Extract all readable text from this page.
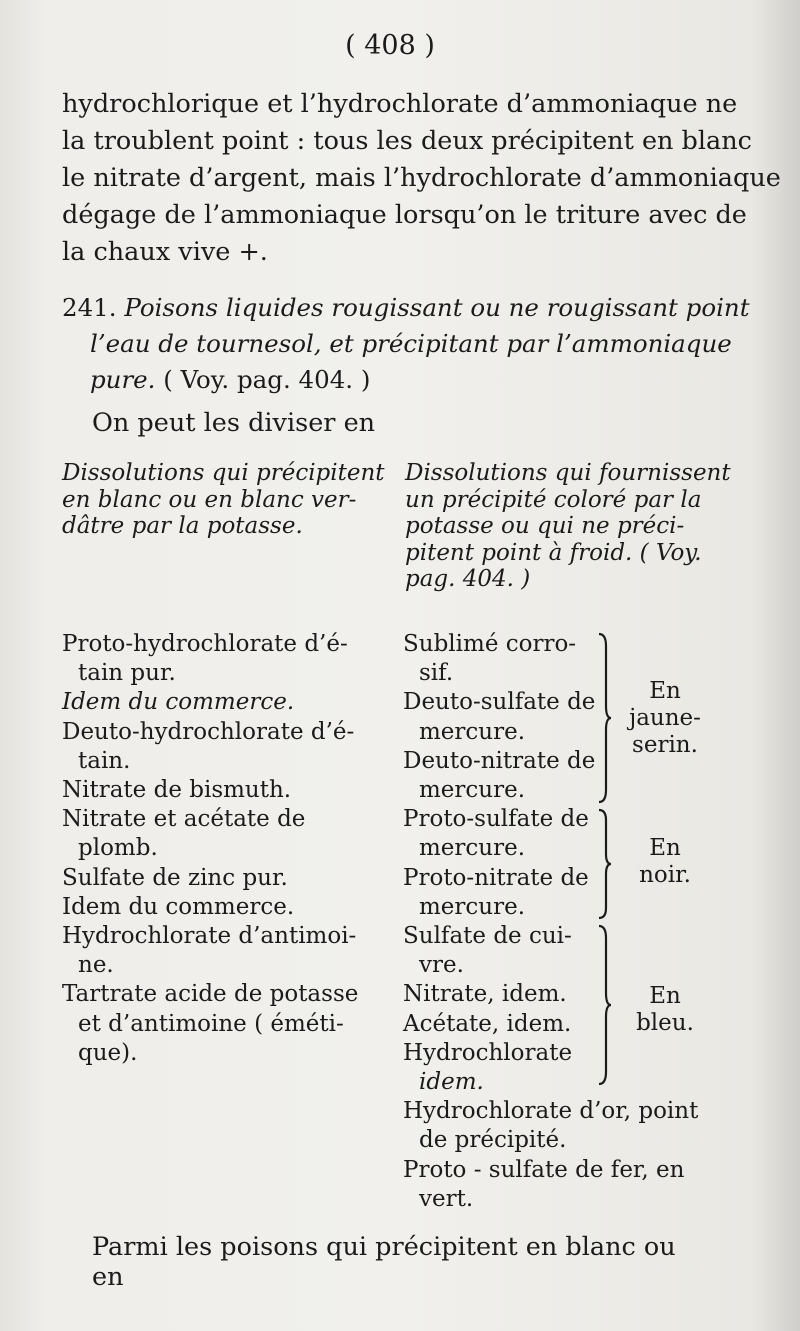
( 408 )
hydrochlorique et l’hydrochlorate d’ammoniaque ne
la troublent point : tous les deux précipitent en blanc
le nitrate d’argent, mais l’hydrochlorate d’ammoniaque
dégage de l’ammoniaque lorsqu’on le triture avec de
la chaux vive +.
241. Poisons liquides rougissant ou ne rougissant point
l’eau de tournesol, et précipitant par l’ammoniaque
pure. ( Voy. pag. 404. )
On peut les diviser en
Dissolutions qui précipitent
en blanc ou en blanc ver-
dâtre par la potasse.
Dissolutions qui fournissent
un précipité coloré par la
potasse ou qui ne préci-
pitent point à froid. ( Voy.
pag. 404. )
Proto-hydrochlorate d’é-
tain pur.
Idem du commerce.
Deuto-hydrochlorate d’é-
tain.
Nitrate de bismuth.
Nitrate et acétate de
plomb.
Sulfate de zinc pur.
Idem du commerce.
Hydrochlorate d’antimoi-
ne.
Tartrate acide de potasse
et d’antimoine ( éméti-
que).
Sublimé corro-
sif.
Deuto-sulfate de
mercure.
Deuto-nitrate de
mercure.
Proto-sulfate de
mercure.
Proto-nitrate de
mercure.
Sulfate de cui-
vre.
Nitrate, idem.
Acétate, idem.
Hydrochlorate
idem.
Hydrochlorate d’or, point
de précipité.
Proto - sulfate de fer, en
vert.
En
jaune-
serin.
En
noir.
En
bleu.
Parmi les poisons qui précipitent en blanc ou en
